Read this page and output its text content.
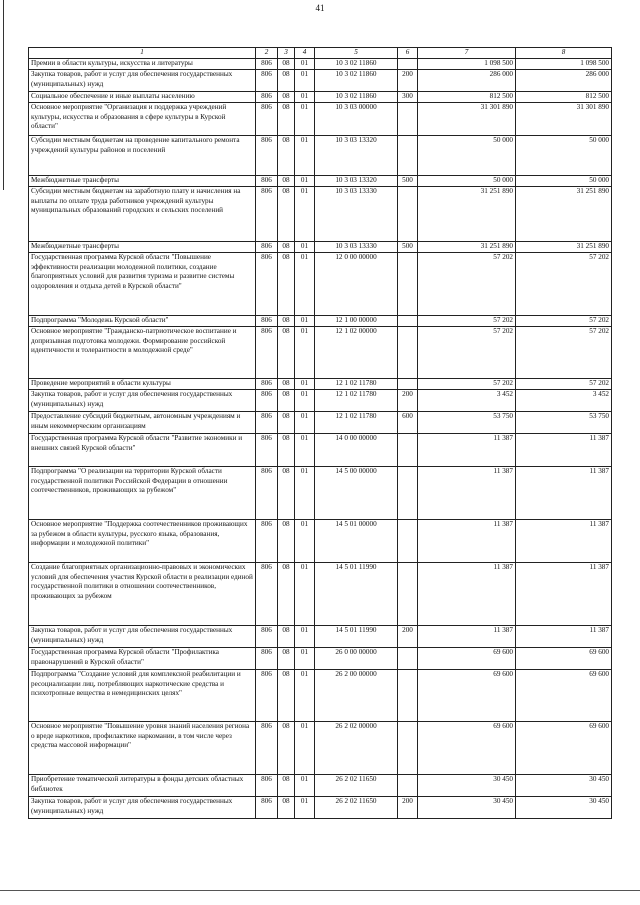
41
1	2	3	4	5	6	7	8
Премии в области культуры, искусства и литературы	806	08	01	10 3 02 11860		1 098 500	1 098 500
Закупка товаров, работ и услуг для обеспечения государственных (муниципальных) нужд	806	08	01	10 3 02 11860	200	286 000	286 000
Социальное обеспечение и иные выплаты населению	806	08	01	10 3 02 11860	300	812 500	812 500
Основное мероприятие "Организация и поддержка учреждений культуры, искусства и образования в сфере культуры в Курской области"	806	08	01	10 3 03 00000		31 301 890	31 301 890
Субсидии местным бюджетам на проведение капитального ремонта учреждений культуры районов и поселений	806	08	01	10 3 03 13320		50 000	50 000
Межбюджетные трансферты	806	08	01	10 3 03 13320	500	50 000	50 000
Субсидии местным бюджетам на заработную плату и начисления на выплаты по оплате труда работников учреждений культуры муниципальных образований городских и сельских поселений	806	08	01	10 3 03 13330		31 251 890	31 251 890
Межбюджетные трансферты	806	08	01	10 3 03 13330	500	31 251 890	31 251 890
Государственная программа Курской области "Повышение эффективности реализации молодежной политики, создание благоприятных условий для развития туризма и развитие системы оздоровления и отдыха детей в Курской области"	806	08	01	12 0 00 00000		57 202	57 202
Подпрограмма "Молодежь Курской области"	806	08	01	12 1 00 00000		57 202	57 202
Основное мероприятие "Гражданско-патриотическое воспитание и допризывная подготовка молодежи. Формирование российской идентичности и толерантности в молодежной среде"	806	08	01	12 1 02 00000		57 202	57 202
Проведение мероприятий в области культуры	806	08	01	12 1 02 11780		57 202	57 202
Закупка товаров, работ и услуг для обеспечения государственных (муниципальных) нужд	806	08	01	12 1 02 11780	200	3 452	3 452
Предоставление субсидий бюджетным, автономным учреждениям и иным некоммерческим организациям	806	08	01	12 1 02 11780	600	53 750	53 750
Государственная программа Курской области "Развитие экономики и внешних связей Курской области"	806	08	01	14 0 00 00000		11 387	11 387
Подпрограмма "О реализации на территории Курской области государственной политики Российской Федерации в отношении соотечественников, проживающих за рубежом"	806	08	01	14 5 00 00000		11 387	11 387
Основное мероприятие "Поддержка соотечественников проживающих за рубежом в области культуры, русского языка, образования, информации и молодежной политики"	806	08	01	14 5 01 00000		11 387	11 387
Создание благоприятных организационно-правовых и экономических условий для обеспечения участия Курской области в реализации единой государственной политики в отношении соотечественников, проживающих за рубежом	806	08	01	14 5 01 11990		11 387	11 387
Закупка товаров, работ и услуг для обеспечения государственных (муниципальных) нужд	806	08	01	14 5 01 11990	200	11 387	11 387
Государственная программа Курской области "Профилактика правонарушений в Курской области"	806	08	01	26 0 00 00000		69 600	69 600
Подпрограмма "Создание условий для комплексной реабилитации и ресоциализации лиц, потребляющих наркотические средства и психотропные вещества в немедицинских целях"	806	08	01	26 2 00 00000		69 600	69 600
Основное мероприятие "Повышение уровня знаний населения региона о вреде наркотиков, профилактике наркомании, в том числе через средства массовой информации"	806	08	01	26 2 02 00000		69 600	69 600
Приобретение тематической литературы в фонды детских областных библиотек	806	08	01	26 2 02 11650		30 450	30 450
Закупка товаров, работ и услуг для обеспечения государственных (муниципальных) нужд	806	08	01	26 2 02 11650	200	30 450	30 450
